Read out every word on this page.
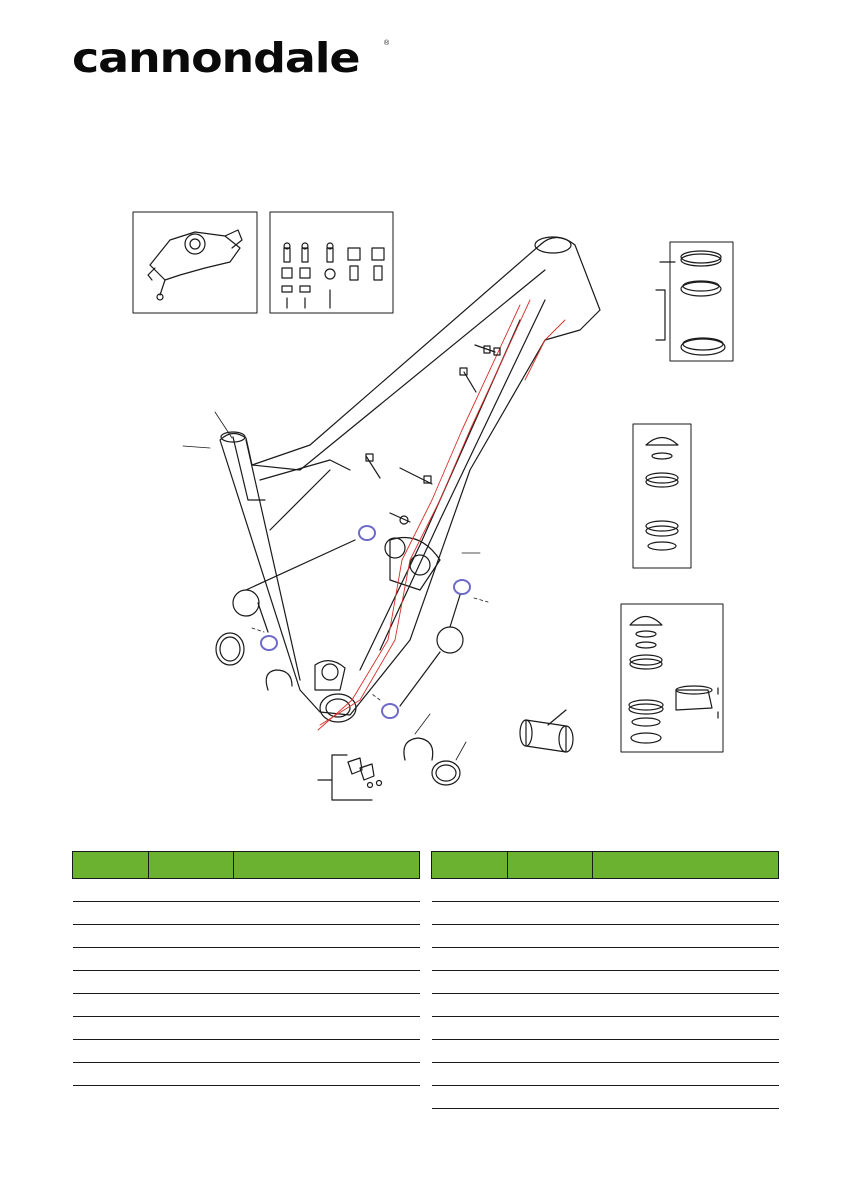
cannondale	®
